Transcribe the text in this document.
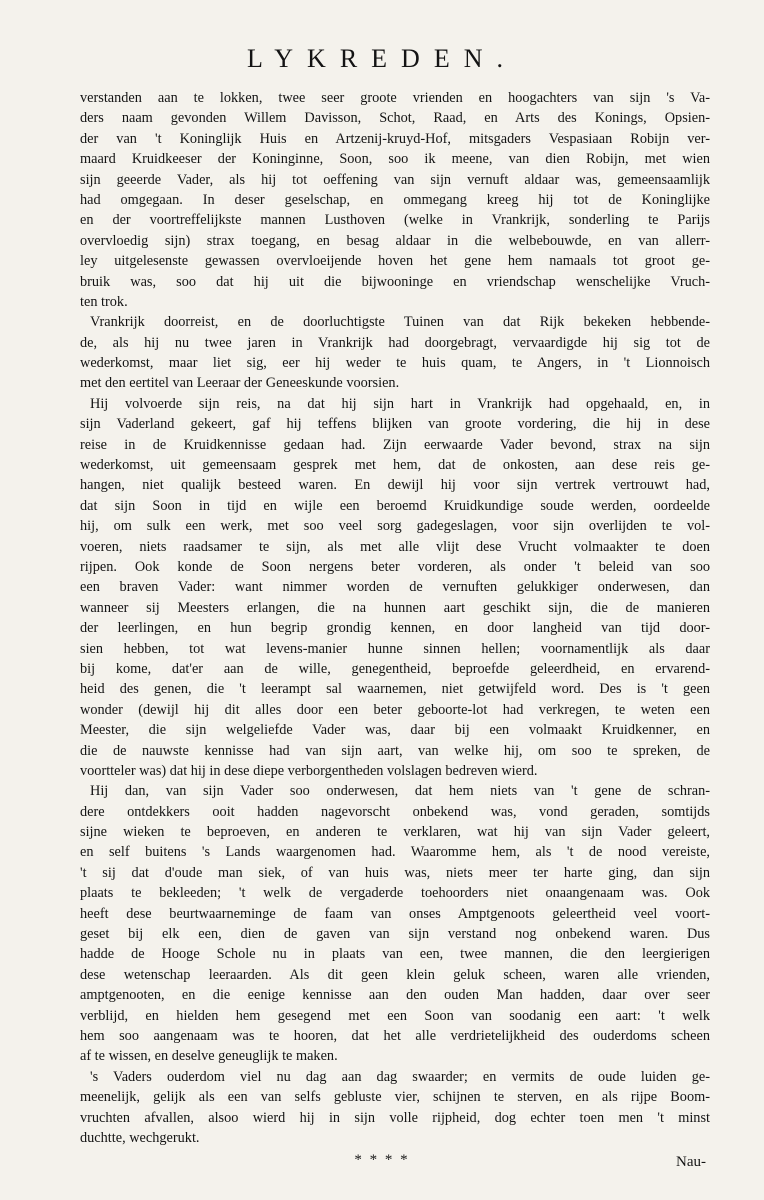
LYKREDEN.
verstanden aan te lokken, twee seer groote vrienden en hoogachters van sijn 's Va-
ders naam gevonden Willem Davisson, Schot, Raad, en Arts des Konings, Opsien-
der van 't Koninglijk Huis en Artzenij-kruyd-Hof, mitsgaders Vespasiaan Robijn ver-
maard Kruidkeeser der Koninginne, Soon, soo ik meene, van dien Robijn, met wien
sijn geeerde Vader, als hij tot oeffening van sijn vernuft aldaar was, gemeensaamlijk
had omgegaan. In deser geselschap, en ommegang kreeg hij tot de Koninglijke
en der voortreffelijkste mannen Lusthoven (welke in Vrankrijk, sonderling te Parijs
overvloedig sijn) strax toegang, en besag aldaar in die welbebouwde, en van allerr-
ley uitgelesenste gewassen overvloeijende hoven het gene hem namaals tot groot ge-
bruik was, soo dat hij uit die bijwooninge en vriendschap wenschelijke Vruch-
ten trok.
Vrankrijk doorreist, en de doorluchtigste Tuinen van dat Rijk bekeken hebbende-
de, als hij nu twee jaren in Vrankrijk had doorgebragt, vervaardigde hij sig tot de
wederkomst, maar liet sig, eer hij weder te huis quam, te Angers, in 't Lionnoisch
met den eertitel van Leeraar der Geneeskunde voorsien.
Hij volvoerde sijn reis, na dat hij sijn hart in Vrankrijk had opgehaald, en, in
sijn Vaderland gekeert, gaf hij teffens blijken van groote vordering, die hij in dese
reise in de Kruidkennisse gedaan had. Zijn eerwaarde Vader bevond, strax na sijn
wederkomst, uit gemeensaam gesprek met hem, dat de onkosten, aan dese reis ge-
hangen, niet qualijk besteed waren. En dewijl hij voor sijn vertrek vertrouwt had,
dat sijn Soon in tijd en wijle een beroemd Kruidkundige soude werden, oordeelde
hij, om sulk een werk, met soo veel sorg gadegeslagen, voor sijn overlijden te vol-
voeren, niets raadsamer te sijn, als met alle vlijt dese Vrucht volmaakter te doen
rijpen. Ook konde de Soon nergens beter vorderen, als onder 't beleid van soo
een braven Vader: want nimmer worden de vernuften gelukkiger onderwesen, dan
wanneer sij Meesters erlangen, die na hunnen aart geschikt sijn, die de manieren
der leerlingen, en hun begrip grondig kennen, en door langheid van tijd door-
sien hebben, tot wat levens-manier hunne sinnen hellen; voornamentlijk als daar
bij kome, dat'er aan de wille, genegentheid, beproefde geleerdheid, en ervarend-
heid des genen, die 't leerampt sal waarnemen, niet getwijfeld word. Des is 't geen
wonder (dewijl hij dit alles door een beter geboorte-lot had verkregen, te weten een
Meester, die sijn welgeliefde Vader was, daar bij een volmaakt Kruidkenner, en
die de nauwste kennisse had van sijn aart, van welke hij, om soo te spreken, de
voortteler was) dat hij in dese diepe verborgentheden volslagen bedreven wierd.
Hij dan, van sijn Vader soo onderwesen, dat hem niets van 't gene de schran-
dere ontdekkers ooit hadden nagevorscht onbekend was, vond geraden, somtijds
sijne wieken te beproeven, en anderen te verklaren, wat hij van sijn Vader geleert,
en self buitens 's Lands waargenomen had. Waaromme hem, als 't de nood vereiste,
't sij dat d'oude man siek, of van huis was, niets meer ter harte ging, dan sijn
plaats te bekleeden; 't welk de vergaderde toehoorders niet onaangenaam was. Ook
heeft dese beurtwaarneminge de faam van onses Amptgenoots geleertheid veel voort-
geset bij elk een, dien de gaven van sijn verstand nog onbekend waren. Dus
hadde de Hooge Schole nu in plaats van een, twee mannen, die den leergierigen
dese wetenschap leeraarden. Als dit geen klein geluk scheen, waren alle vrienden,
amptgenooten, en die eenige kennisse aan den ouden Man hadden, daar over seer
verblijd, en hielden hem gesegend met een Soon van soodanig een aart: 't welk
hem soo aangenaam was te hooren, dat het alle verdrietelijkheid des ouderdoms scheen
af te wissen, en deselve geneuglijk te maken.
's Vaders ouderdom viel nu dag aan dag swaarder; en vermits de oude luiden ge-
meenelijk, gelijk als een van selfs gebluste vier, schijnen te sterven, en als rijpe Boom-
vruchten afvallen, alsoo wierd hij in sijn volle rijpheid, dog echter toen men 't minst
duchtte, wechgerukt.
* * * *	Nau-
